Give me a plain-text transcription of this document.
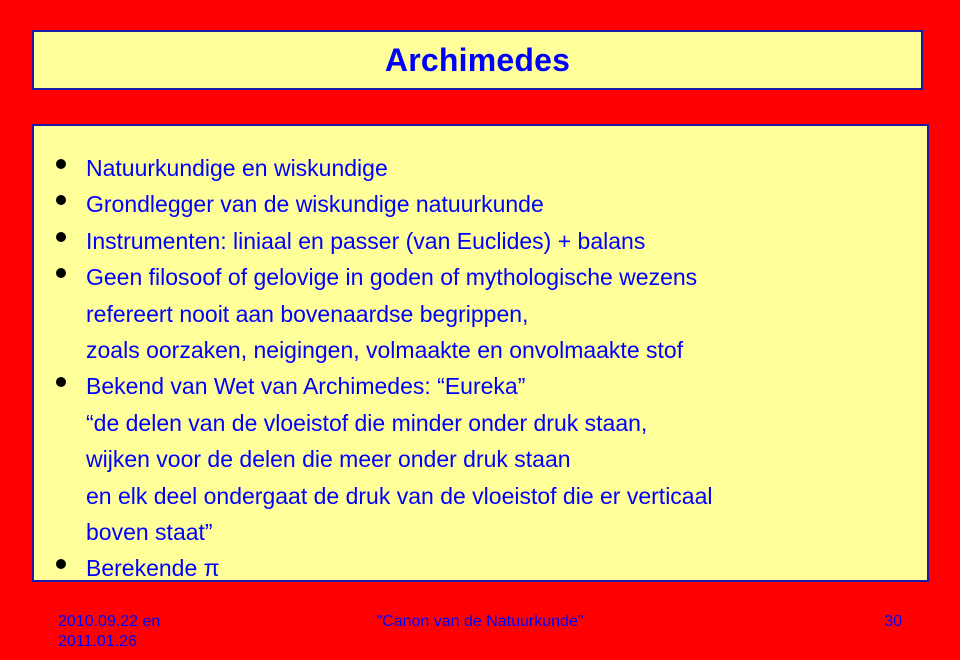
Archimedes
Natuurkundige en wiskundige
Grondlegger van de wiskundige natuurkunde
Instrumenten: liniaal en passer (van Euclides) + balans
Geen filosoof of gelovige in goden of mythologische wezens
refereert nooit aan bovenaardse begrippen,
zoals oorzaken, neigingen, volmaakte en onvolmaakte stof
Bekend van Wet van Archimedes: “Eureka”
“de delen van de vloeistof die minder onder druk staan,
wijken voor de delen die meer onder druk staan
en elk deel ondergaat de druk van de vloeistof die er verticaal
boven staat”
Berekende π
2010.09.22 en
2011.01.26
"Canon van de Natuurkunde"	30
